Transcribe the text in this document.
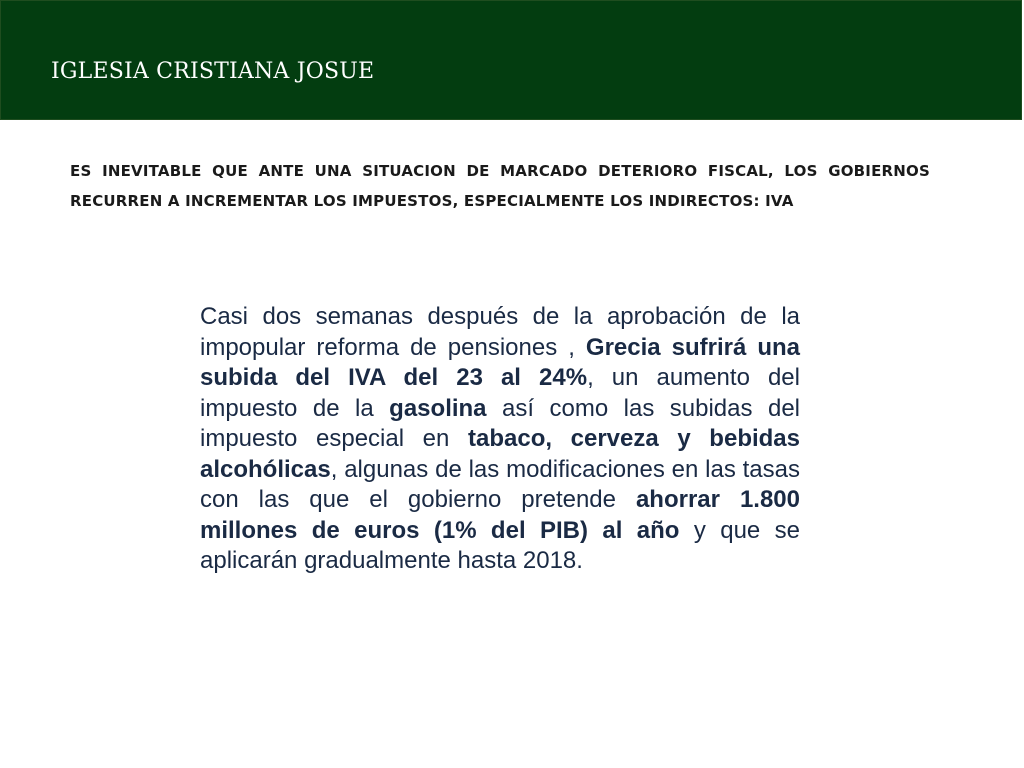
IGLESIA CRISTIANA JOSUE
ES INEVITABLE QUE ANTE UNA SITUACION DE MARCADO DETERIORO FISCAL, LOS GOBIERNOS RECURREN A INCREMENTAR LOS IMPUESTOS, ESPECIALMENTE LOS INDIRECTOS: IVA
Casi dos semanas después de la aprobación de la impopular reforma de pensiones , Grecia sufrirá una subida del IVA del 23 al 24%, un aumento del impuesto de la gasolina así como las subidas del impuesto especial en tabaco, cerveza y bebidas alcohólicas, algunas de las modificaciones en las tasas con las que el gobierno pretende ahorrar 1.800 millones de euros (1% del PIB) al año y que se aplicarán gradualmente hasta 2018.
